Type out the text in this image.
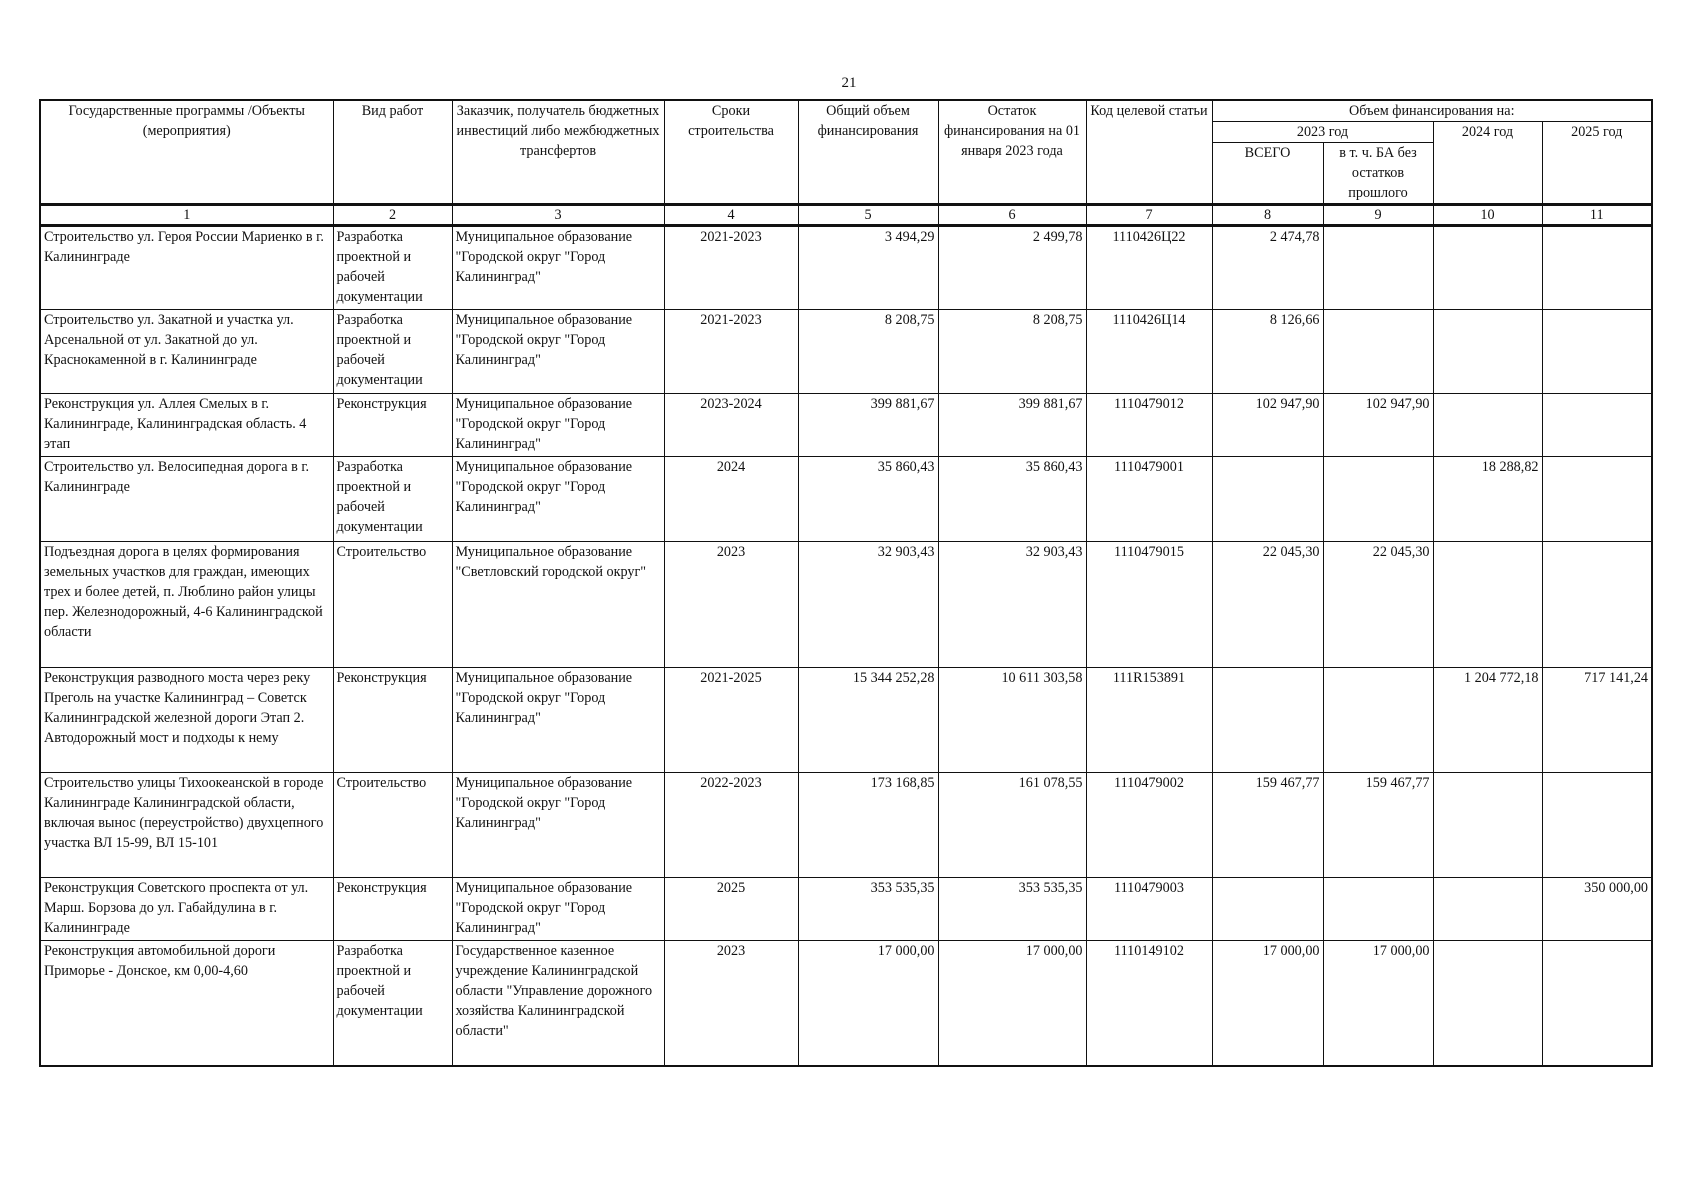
21
Государственные программы /Объекты (мероприятия)	Вид работ	Заказчик, получатель бюджетных инвестиций либо межбюджетных трансфертов	Сроки строительства	Общий объем финансирования	Остаток финансирования на 01 января 2023 года	Код целевой статьи	Объем финансирования на:			
							2023 год		2024 год	2025 год
							ВСЕГО	в т. ч. БА без остатков прошлого		
1	2	3	4	5	6	7	8	9	10	11
Строительство ул. Героя России Мариенко в г. Калининграде	Разработка проектной и рабочей документации	Муниципальное образование "Городской округ "Город Калининград"	2021-2023	3 494,29	2 499,78	1110426Ц22	2 474,78			
Строительство ул. Закатной и участка ул. Арсенальной от ул. Закатной до ул. Краснокаменной в г. Калининграде	Разработка проектной и рабочей документации	Муниципальное образование "Городской округ "Город Калининград"	2021-2023	8 208,75	8 208,75	1110426Ц14	8 126,66			
Реконструкция ул. Аллея Смелых в г. Калининграде, Калининградская область. 4 этап	Реконструкция	Муниципальное образование "Городской округ "Город Калининград"	2023-2024	399 881,67	399 881,67	1110479012	102 947,90	102 947,90		
Строительство ул. Велосипедная дорога в г. Калининграде	Разработка проектной и рабочей документации	Муниципальное образование "Городской округ "Город Калининград"	2024	35 860,43	35 860,43	1110479001			18 288,82	
Подъездная дорога в целях формирования земельных участков для граждан, имеющих трех и более детей, п. Люблино район улицы пер. Железнодорожный, 4-6 Калининградской области	Строительство	Муниципальное образование "Светловский городской округ"	2023	32 903,43	32 903,43	1110479015	22 045,30	22 045,30		
Реконструкция разводного моста через реку Преголь на участке Калининград – Советск Калининградской железной дороги Этап 2. Автодорожный мост и подходы к нему	Реконструкция	Муниципальное образование "Городской округ "Город Калининград"	2021-2025	15 344 252,28	10 611 303,58	111R153891			1 204 772,18	717 141,24
Строительство улицы Тихоокеанской в городе Калининграде Калининградской области, включая вынос (переустройство) двухцепного участка ВЛ 15-99, ВЛ 15-101	Строительство	Муниципальное образование "Городской округ "Город Калининград"	2022-2023	173 168,85	161 078,55	1110479002	159 467,77	159 467,77		
Реконструкция Советского проспекта от ул. Марш. Борзова до ул. Габайдулина в г. Калининграде	Реконструкция	Муниципальное образование "Городской округ "Город Калининград"	2025	353 535,35	353 535,35	1110479003				350 000,00
Реконструкция автомобильной дороги Приморье - Донское, км 0,00-4,60	Разработка проектной и рабочей документации	Государственное казенное учреждение Калининградской области "Управление дорожного хозяйства Калининградской области"	2023	17 000,00	17 000,00	1110149102	17 000,00	17 000,00		
